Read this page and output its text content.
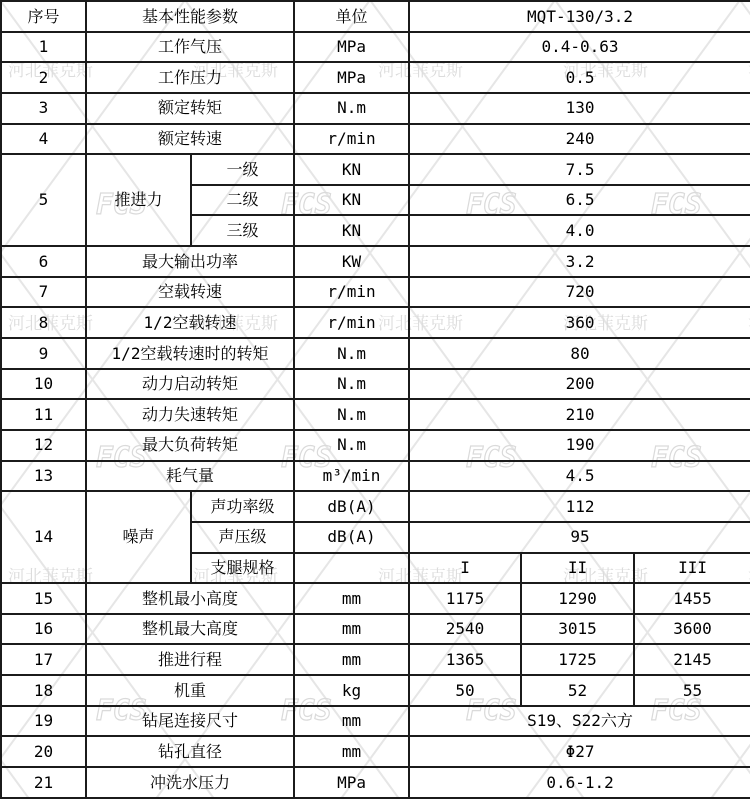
序号	基本性能参数		单位	MQT-130/3.2		
1	工作气压		MPa	0.4-0.63		
2	工作压力		MPa	0.5		
3	额定转矩		N.m	130		
4	额定转速		r/min	240		
5	推进力	一级	KN	7.5		
		二级	KN	6.5		
		三级	KN	4.0		
6	最大输出功率		KW	3.2		
7	空载转速		r/min	720		
8	1/2空载转速		r/min	360		
9	1/2空载转速时的转矩		N.m	80		
10	动力启动转矩		N.m	200		
11	动力失速转矩		N.m	210		
12	最大负荷转矩		N.m	190		
13	耗气量		m³/min	4.5		
14	噪声	声功率级	dB(A)	112		
		声压级	dB(A)	95		
		支腿规格		I	II	III
15	整机最小高度		mm	1175	1290	1455
16	整机最大高度		mm	2540	3015	3600
17	推进行程		mm	1365	1725	2145
18	机重		kg	50	52	55
19	钻尾连接尺寸		mm	S19、S22六方		
20	钻孔直径		mm	Φ27		
21	冲洗水压力		MPa	0.6-1.2		
